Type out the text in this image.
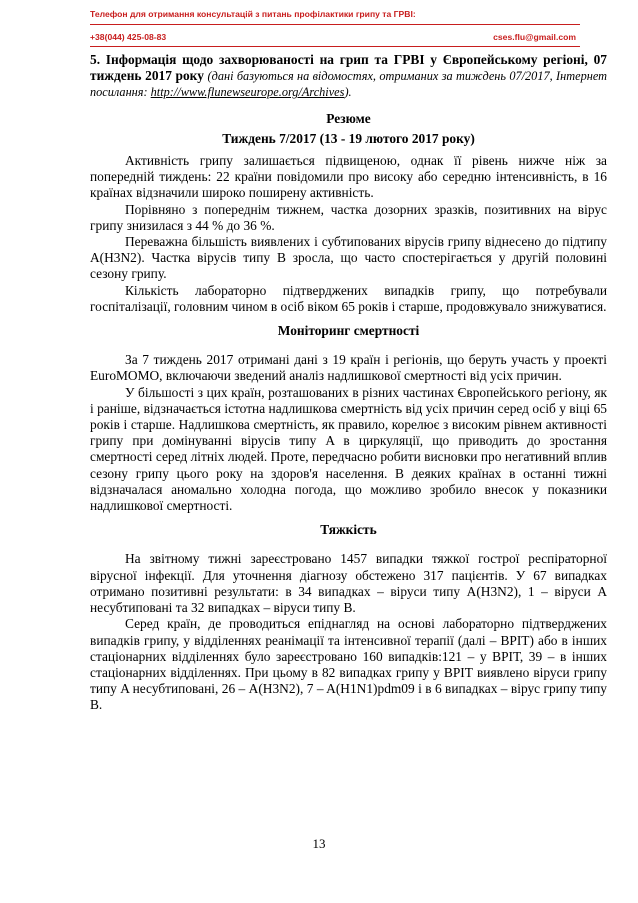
Телефон для отримання консультацій з питань профілактики грипу та ГРВІ:
+38(044) 425-08-83	cses.flu@gmail.com

5. Інформація щодо захворюваності на грип та ГРВІ у Європейському регіоні, 07 тиждень 2017 року (дані базуються на відомостях, отриманих за тиждень 07/2017, Інтернет посилання: http://www.flunewseurope.org/Archives).

Резюме

Тиждень 7/2017 (13 - 19 лютого 2017 року)

Активність грипу залишається підвищеною, однак її рівень нижче ніж за попередній тиждень: 22 країни повідомили про високу або середню інтенсивність, в 16 країнах відзначили широко поширену активність.

Порівняно з попереднім тижнем, частка дозорних зразків, позитивних на вірус грипу знизилася з 44 % до 36 %.

Переважна більшість виявлених і субтипованих вірусів грипу віднесено до підтипу A(H3N2). Частка вірусів типу B зросла, що часто спостерігається у другій половині сезону грипу.

Кількість лабораторно підтверджених випадків грипу, що потребували госпіталізації, головним чином в осіб віком 65 років і старше, продовжувало знижуватися.

Моніторинг смертності

За 7 тиждень 2017 отримані дані з 19 країн і регіонів, що беруть участь у проекті EuroMOMO, включаючи зведений аналіз надлишкової смертності від усіх причин.

У більшості з цих країн, розташованих в різних частинах Європейського регіону, як і раніше, відзначається істотна надлишкова смертність від усіх причин серед осіб у віці 65 років і старше. Надлишкова смертність, як правило, корелює з високим рівнем активності грипу при домінуванні вірусів типу A в циркуляції, що приводить до зростання смертності серед літніх людей. Проте, передчасно робити висновки про негативний вплив сезону грипу цього року на здоров'я населення. В деяких країнах в останні тижні відзначалася аномально холодна погода, що можливо зробило внесок у показники надлишкової смертності.

Тяжкість

На звітному тижні зареєстровано 1457 випадки тяжкої гострої респіраторної вірусної інфекції. Для уточнення діагнозу обстежено 317 пацієнтів. У 67 випадках отримано позитивні результати: в 34 випадках – віруси типу A(H3N2), 1 – віруси A несубтиповані та 32 випадках – віруси типу B.

Серед країн, де проводиться епіднагляд на основі лабораторно підтверджених випадків грипу, у відділеннях реанімації та інтенсивної терапії (далі – ВРІТ) або в інших стаціонарних відділеннях було зареєстровано 160 випадків:121 – у ВРІТ, 39 – в інших стаціонарних відділеннях. При цьому в 82 випадках грипу у ВРІТ виявлено віруси грипу типу A несубтиповані, 26 – A(H3N2), 7 – A(H1N1)pdm09 і в 6 випадках – вірус грипу типу B.

13
